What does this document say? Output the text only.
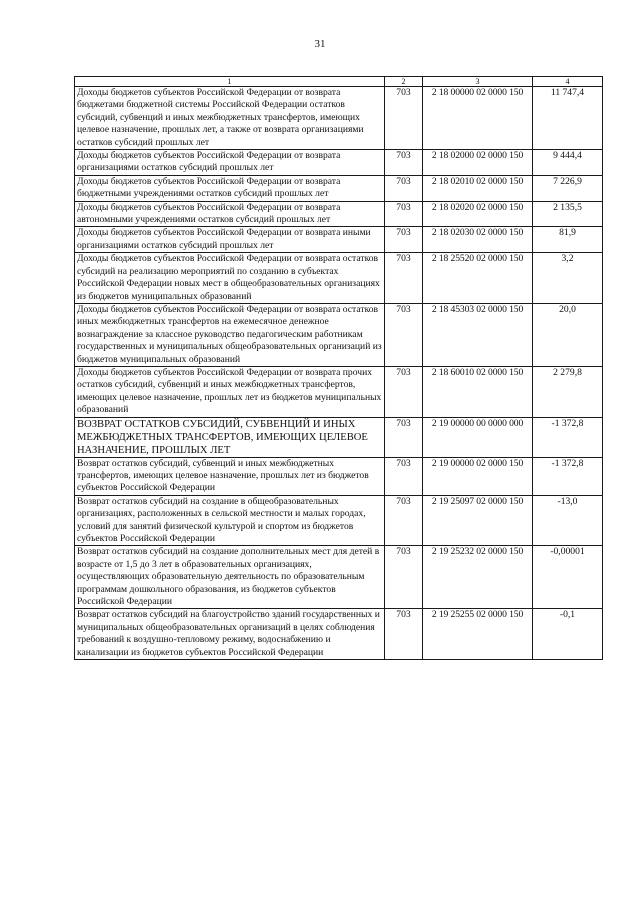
31
1	2	3	4
Доходы бюджетов субъектов Российской Федерации от возврата бюджетами бюджетной системы Российской Федерации остатков субсидий, субвенций и иных межбюджетных трансфертов, имеющих целевое назначение, прошлых лет, а также от возврата организациями остатков субсидий прошлых лет	703	2 18 00000 02 0000 150	11 747,4
Доходы бюджетов субъектов Российской Федерации от возврата организациями остатков субсидий прошлых лет	703	2 18 02000 02 0000 150	9 444,4
Доходы бюджетов субъектов Российской Федерации от возврата бюджетными учреждениями остатков субсидий прошлых лет	703	2 18 02010 02 0000 150	7 226,9
Доходы бюджетов субъектов Российской Федерации от возврата автономными учреждениями остатков субсидий прошлых лет	703	2 18 02020 02 0000 150	2 135,5
Доходы бюджетов субъектов Российской Федерации от возврата иными организациями остатков субсидий прошлых лет	703	2 18 02030 02 0000 150	81,9
Доходы бюджетов субъектов Российской Федерации от возврата остатков субсидий на реализацию мероприятий по созданию в субъектах Российской Федерации новых мест в общеобразовательных организациях из бюджетов муниципальных образований	703	2 18 25520 02 0000 150	3,2
Доходы бюджетов субъектов Российской Федерации от возврата остатков иных межбюджетных трансфертов на ежемесячное денежное вознаграждение за классное руководство педагогическим работникам государственных и муниципальных общеобразовательных организаций из бюджетов муниципальных образований	703	2 18 45303 02 0000 150	20,0
Доходы бюджетов субъектов Российской Федерации от возврата прочих остатков субсидий, субвенций и иных межбюджетных трансфертов, имеющих целевое назначение, прошлых лет из бюджетов муниципальных образований	703	2 18 60010 02 0000 150	2 279,8
ВОЗВРАТ ОСТАТКОВ СУБСИДИЙ, СУБВЕНЦИЙ И ИНЫХ МЕЖБЮДЖЕТНЫХ ТРАНСФЕРТОВ, ИМЕЮЩИХ ЦЕЛЕВОЕ НАЗНАЧЕНИЕ, ПРОШЛЫХ ЛЕТ	703	2 19 00000 00 0000 000	-1 372,8
Возврат остатков субсидий, субвенций и иных межбюджетных трансфертов, имеющих целевое назначение, прошлых лет из бюджетов субъектов Российской Федерации	703	2 19 00000 02 0000 150	-1 372,8
Возврат остатков субсидий на создание в общеобразовательных организациях, расположенных в сельской местности и малых городах, условий для занятий физической культурой и спортом из бюджетов субъектов Российской Федерации	703	2 19 25097 02 0000 150	-13,0
Возврат остатков субсидий на создание дополнительных мест для детей в возрасте от 1,5 до 3 лет в образовательных организациях, осуществляющих образовательную деятельность по образовательным программам дошкольного образования, из бюджетов субъектов Российской Федерации	703	2 19 25232 02 0000 150	-0,00001
Возврат остатков субсидий на благоустройство зданий государственных и муниципальных общеобразовательных организаций в целях соблюдения требований к воздушно-тепловому режиму, водоснабжению и канализации из бюджетов субъектов Российской Федерации	703	2 19 25255 02 0000 150	-0,1
